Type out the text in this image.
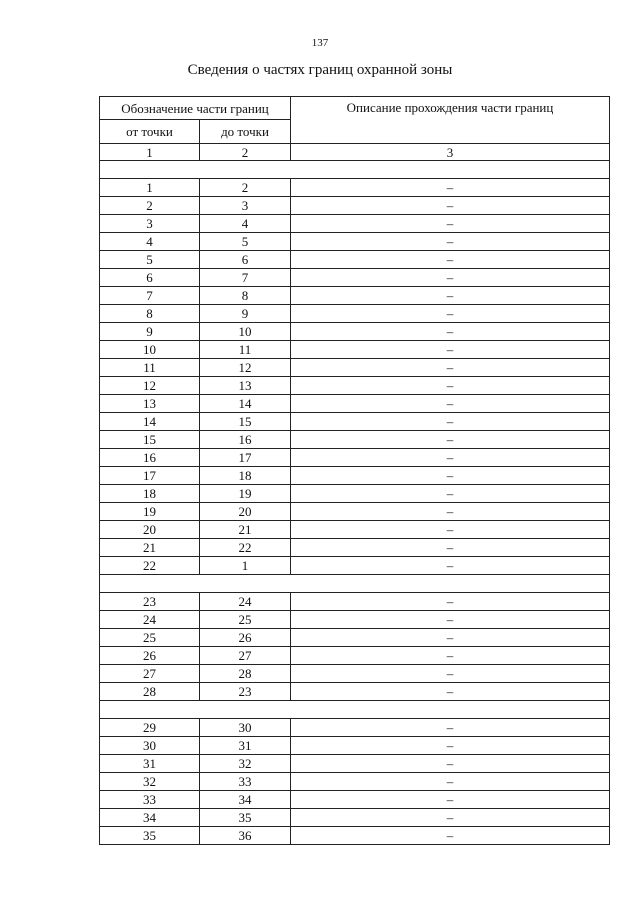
137
Сведения о частях границ охранной зоны
Обозначение части границ		Описание прохождения части границ
от точки	до точки	
1	2	3

1	2	–
2	3	–
3	4	–
4	5	–
5	6	–
6	7	–
7	8	–
8	9	–
9	10	–
10	11	–
11	12	–
12	13	–
13	14	–
14	15	–
15	16	–
16	17	–
17	18	–
18	19	–
19	20	–
20	21	–
21	22	–
22	1	–

23	24	–
24	25	–
25	26	–
26	27	–
27	28	–
28	23	–

29	30	–
30	31	–
31	32	–
32	33	–
33	34	–
34	35	–
35	36	–
